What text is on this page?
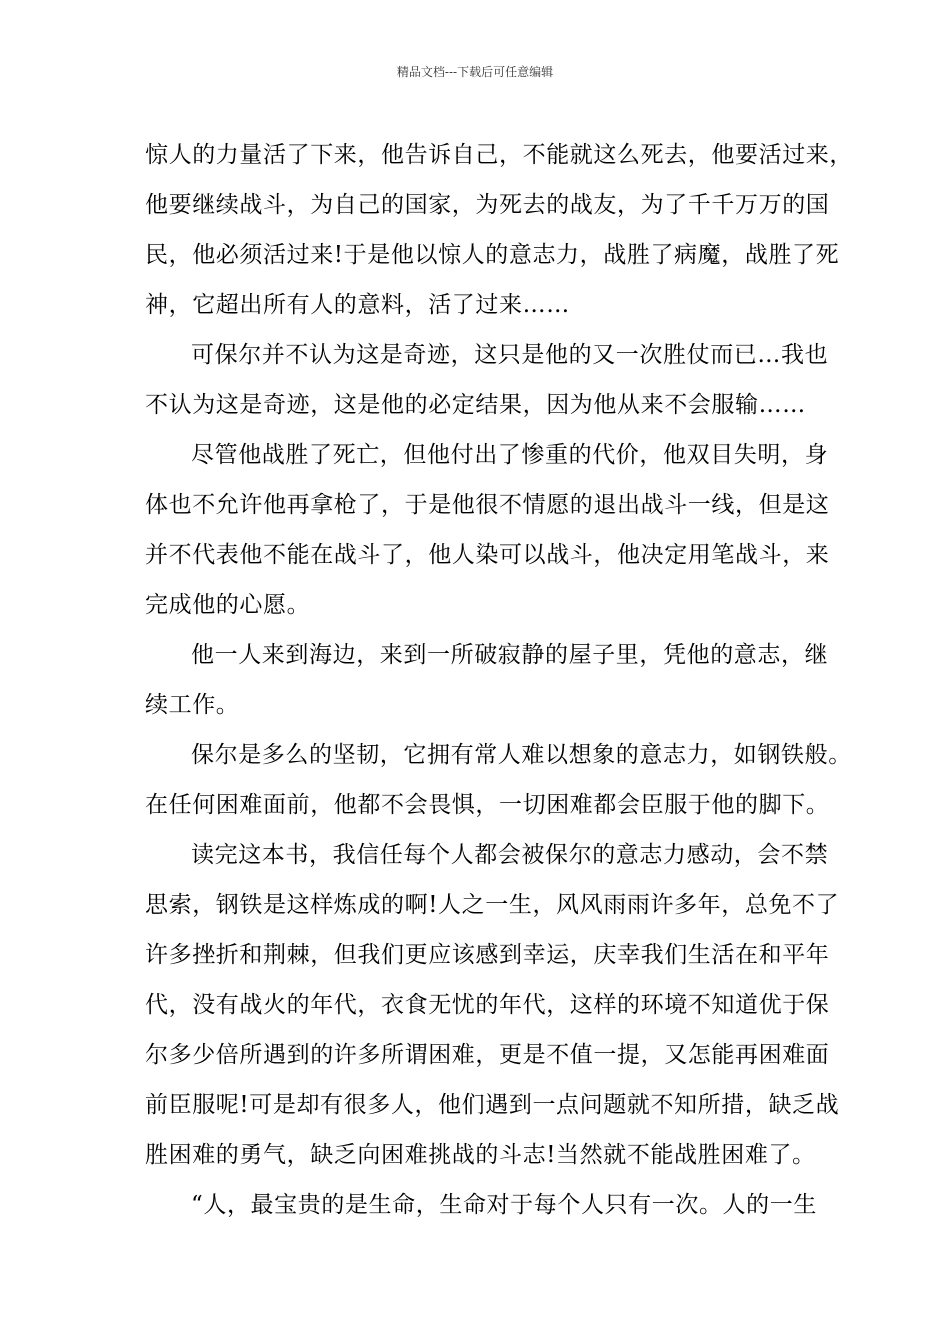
精品文档---下载后可任意编辑
惊人的力量活了下来，他告诉自己，不能就这么死去，他要活过来，
他要继续战斗，为自己的国家，为死去的战友，为了千千万万的国
民，他必须活过来!于是他以惊人的意志力，战胜了病魔，战胜了死
神，它超出所有人的意料，活了过来……
可保尔并不认为这是奇迹，这只是他的又一次胜仗而已…我也
不认为这是奇迹，这是他的必定结果，因为他从来不会服输……
尽管他战胜了死亡，但他付出了惨重的代价，他双目失明，身
体也不允许他再拿枪了，于是他很不情愿的退出战斗一线，但是这
并不代表他不能在战斗了，他人染可以战斗，他决定用笔战斗，来
完成他的心愿。
他一人来到海边，来到一所破寂静的屋子里，凭他的意志，继
续工作。
保尔是多么的坚韧，它拥有常人难以想象的意志力，如钢铁般。
在任何困难面前，他都不会畏惧，一切困难都会臣服于他的脚下。
读完这本书，我信任每个人都会被保尔的意志力感动，会不禁
思索，钢铁是这样炼成的啊!人之一生，风风雨雨许多年，总免不了
许多挫折和荆棘，但我们更应该感到幸运，庆幸我们生活在和平年
代，没有战火的年代，衣食无忧的年代，这样的环境不知道优于保
尔多少倍所遇到的许多所谓困难，更是不值一提，又怎能再困难面
前臣服呢!可是却有很多人，他们遇到一点问题就不知所措，缺乏战
胜困难的勇气，缺乏向困难挑战的斗志!当然就不能战胜困难了。
“人，最宝贵的是生命，生命对于每个人只有一次。人的一生
